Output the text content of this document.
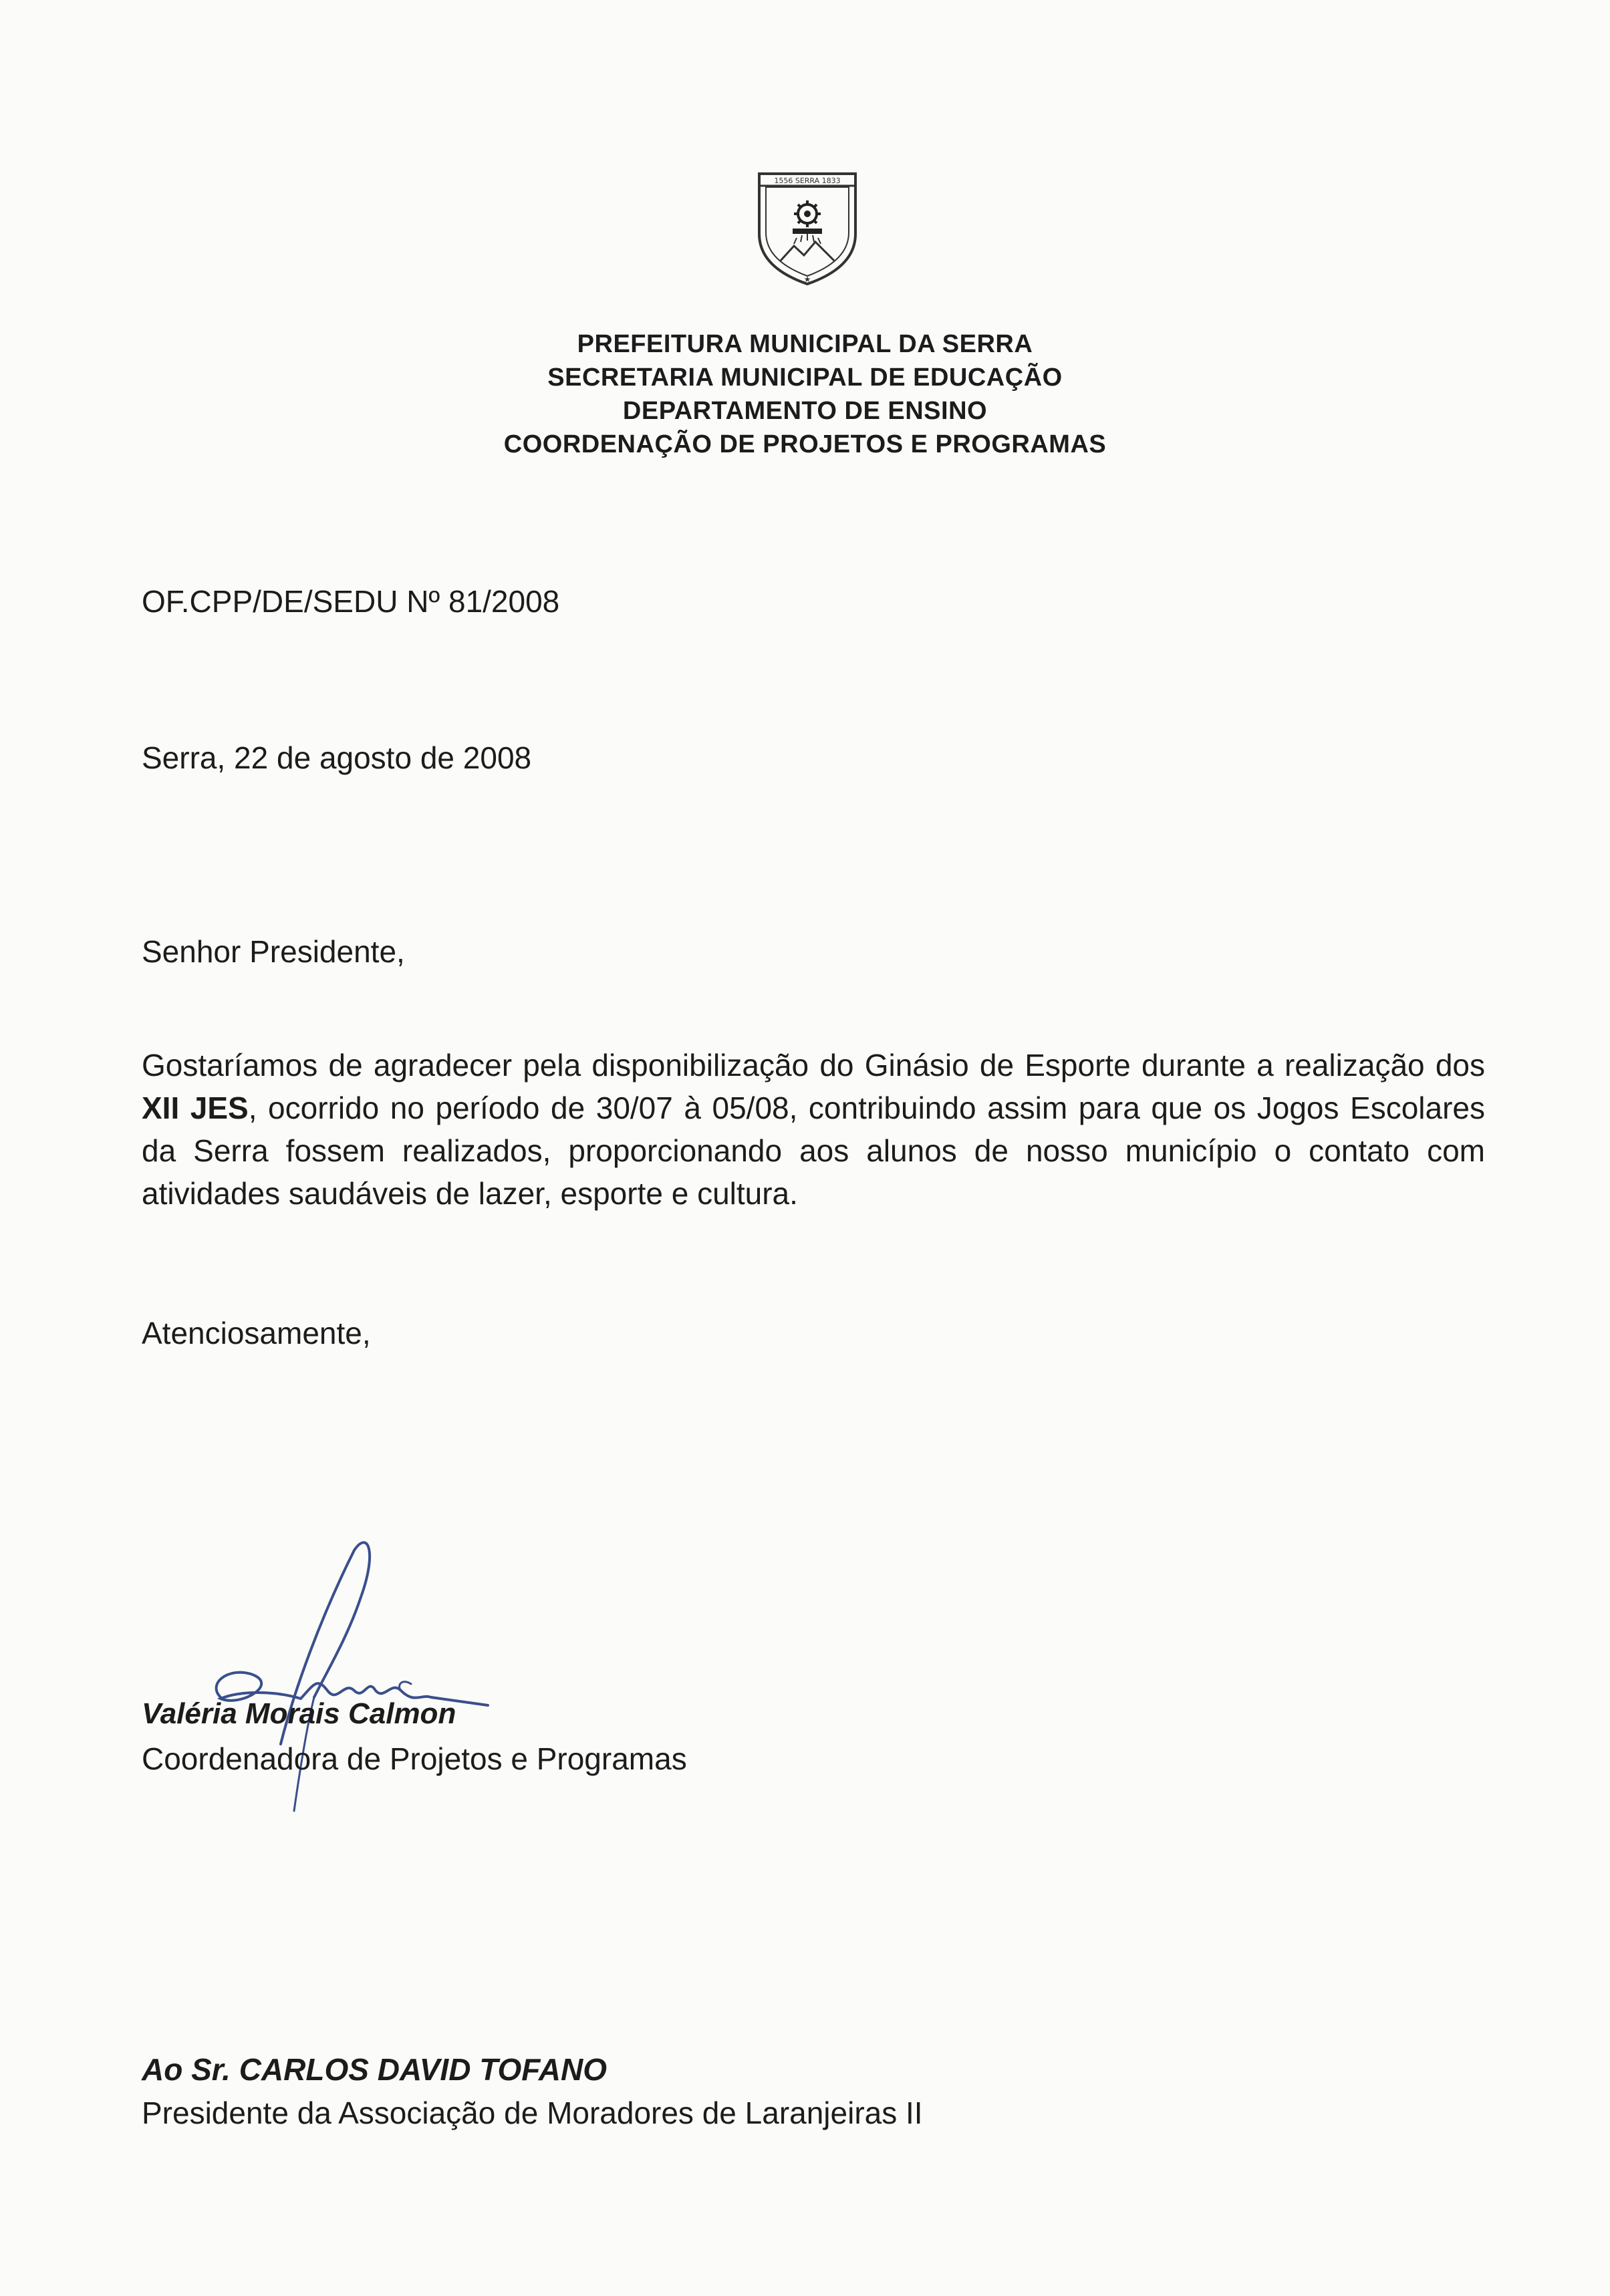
1556 SERRA 1833
★
PREFEITURA MUNICIPAL DA SERRA
SECRETARIA MUNICIPAL DE EDUCAÇÃO
DEPARTAMENTO DE ENSINO
COORDENAÇÃO DE PROJETOS E PROGRAMAS
OF.CPP/DE/SEDU Nº 81/2008
Serra, 22 de agosto de 2008
Senhor Presidente,
Gostaríamos de agradecer pela disponibilização do Ginásio de Esporte durante a realização dos XII JES, ocorrido no período de 30/07 à 05/08, contribuindo assim para que os Jogos Escolares da Serra fossem realizados, proporcionando aos alunos de nosso município o contato com atividades saudáveis de lazer, esporte e cultura.
Atenciosamente,
Valéria Morais Calmon
Coordenadora de Projetos e Programas
Ao Sr. CARLOS DAVID TOFANO
Presidente da Associação de Moradores de Laranjeiras II
